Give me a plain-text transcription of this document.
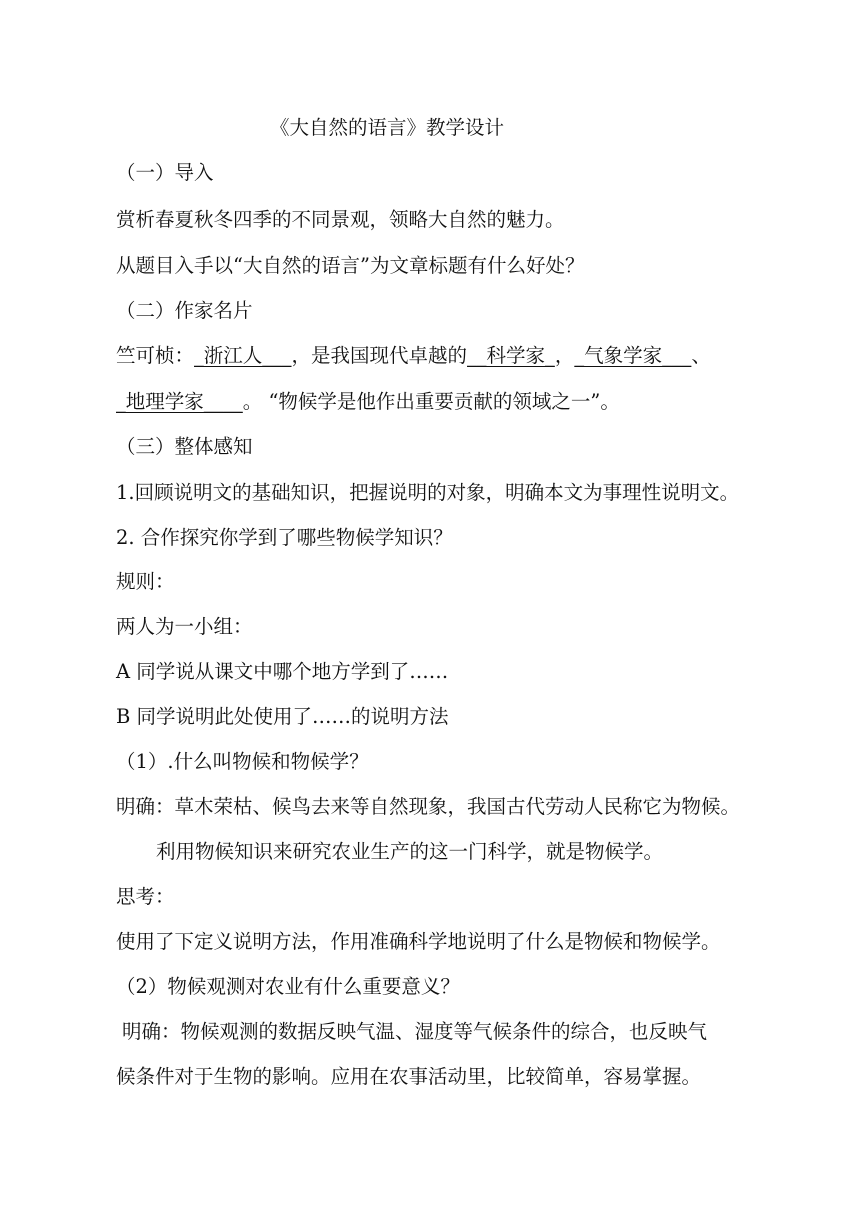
《大自然的语言》教学设计
（一）导入
赏析春夏秋冬四季的不同景观，领略大自然的魅力。
从题目入手以“大自然的语言”为文章标题有什么好处？
（二）作家名片
竺可桢：_浙江人___，是我国现代卓越的__科学家_，_气象学家___、
_地理学家____。 “物候学是他作出重要贡献的领域之一”。
（三）整体感知
1.回顾说明文的基础知识，把握说明的对象，明确本文为事理性说明文。
2. 合作探究你学到了哪些物候学知识？
规则：
两人为一小组：
A 同学说从课文中哪个地方学到了……
B 同学说明此处使用了……的说明方法
（1）.什么叫物候和物候学？
明确：草木荣枯、候鸟去来等自然现象，我国古代劳动人民称它为物候。
利用物候知识来研究农业生产的这一门科学，就是物候学。
思考：
使用了下定义说明方法，作用准确科学地说明了什么是物候和物候学。
（2）物候观测对农业有什么重要意义？
明确：物候观测的数据反映气温、湿度等气候条件的综合，也反映气
候条件对于生物的影响。应用在农事活动里，比较简单，容易掌握。
